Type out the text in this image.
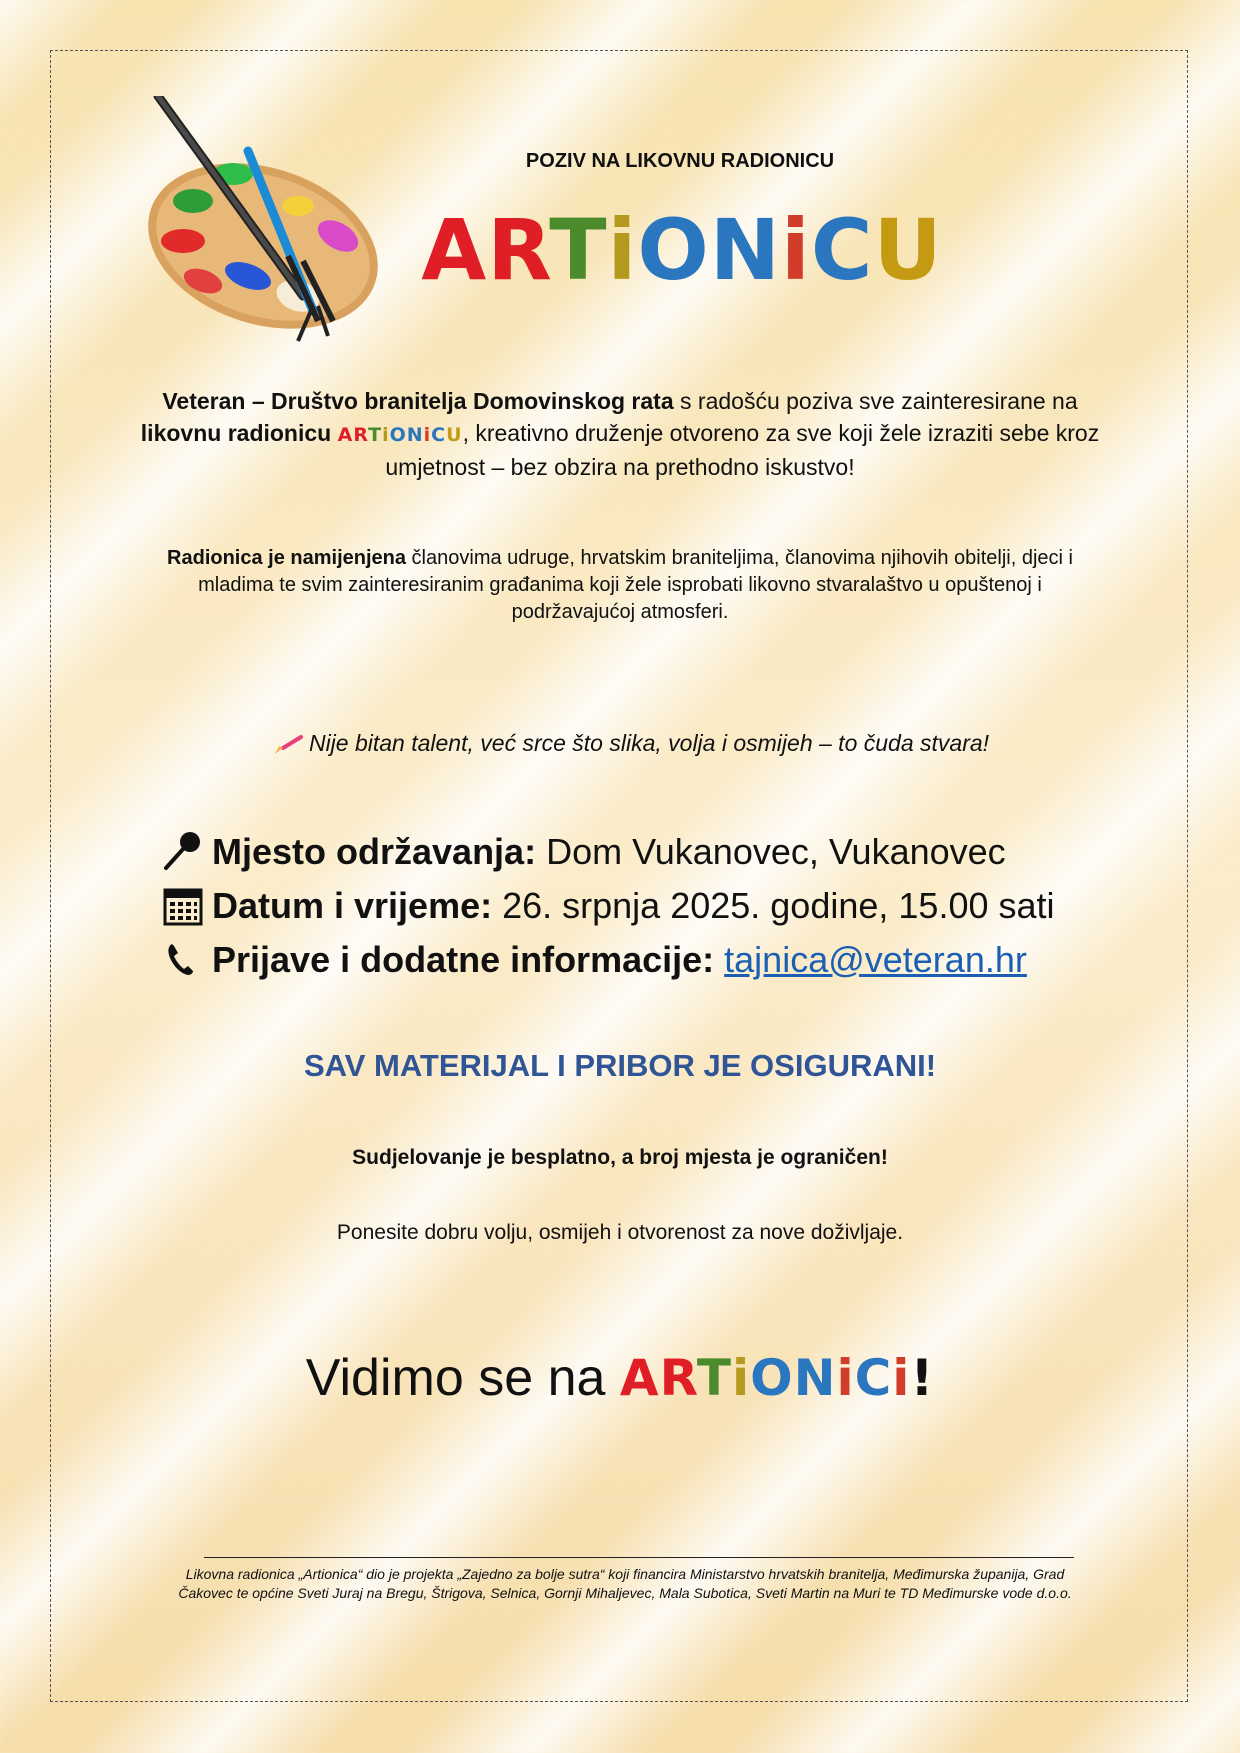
POZIV NA LIKOVNU RADIONICU
ARTiONiCU
Veteran – Društvo branitelja Domovinskog rata s radošću poziva sve zainteresirane na likovnu radionicu ARTiONiCU, kreativno druženje otvoreno za sve koji žele izraziti sebe kroz umjetnost – bez obzira na prethodno iskustvo!
Radionica je namijenjena članovima udruge, hrvatskim braniteljima, članovima njihovih obitelji, djeci i mladima te svim zainteresiranim građanima koji žele isprobati likovno stvaralaštvo u opuštenoj i podržavajućoj atmosferi.
Nije bitan talent, već srce što slika, volja i osmijeh – to čuda stvara!
Mjesto održavanja: Dom Vukanovec, Vukanovec
Datum i vrijeme: 26. srpnja 2025. godine, 15.00 sati
Prijave i dodatne informacije: tajnica@veteran.hr
SAV MATERIJAL I PRIBOR JE OSIGURANI!
Sudjelovanje je besplatno, a broj mjesta je ograničen!
Ponesite dobru volju, osmijeh i otvorenost za nove doživljaje.
Vidimo se na ARTiONiCi!
Likovna radionica „Artionica“ dio je projekta „Zajedno za bolje sutra“ koji financira Ministarstvo hrvatskih branitelja, Međimurska županija, Grad Čakovec te općine Sveti Juraj na Bregu, Štrigova, Selnica, Gornji Mihaljevec, Mala Subotica, Sveti Martin na Muri te TD Međimurske vode d.o.o.
